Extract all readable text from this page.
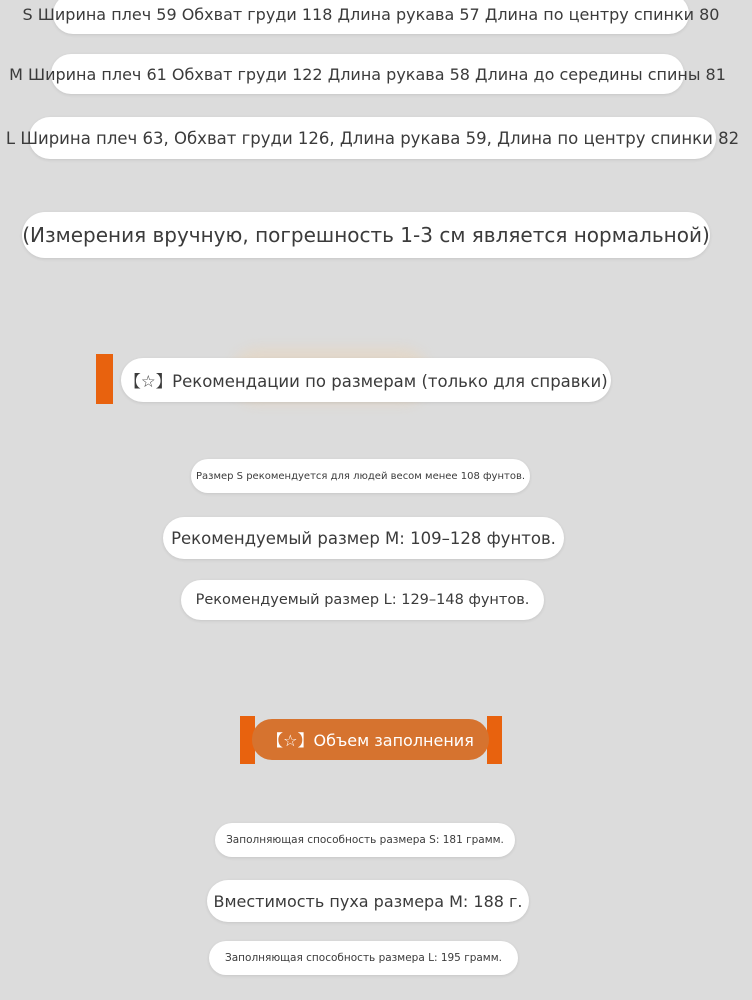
S Ширина плеч 59 Обхват груди 118 Длина рукава 57 Длина по центру спинки 80
M Ширина плеч 61 Обхват груди 122 Длина рукава 58 Длина до середины спины 81
L Ширина плеч 63, Обхват груди 126, Длина рукава 59, Длина по центру спинки 82
(Измерения вручную, погрешность 1-3 см является нормальной)
【☆】Рекомендации по размерам (только для справки)
Размер S рекомендуется для людей весом менее 108 фунтов.
Рекомендуемый размер M: 109–128 фунтов.
Рекомендуемый размер L: 129–148 фунтов.
【☆】Объем заполнения
Заполняющая способность размера S: 181 грамм.
Вместимость пуха размера M: 188 г.
Заполняющая способность размера L: 195 грамм.
